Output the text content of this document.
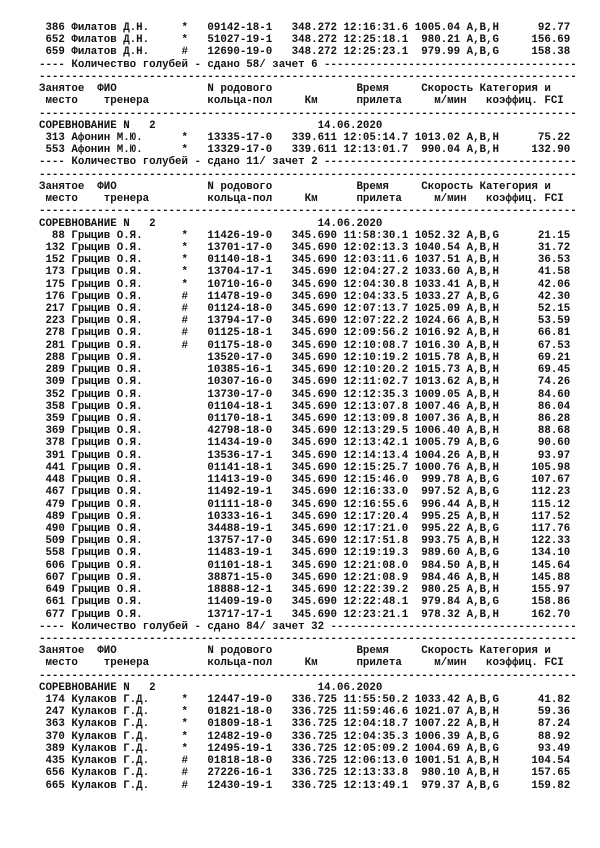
386 Филатов Д.Н.     *   09142-18-1   348.272 12:16:31.6 1005.04 A,B,H      92.77
652 Филатов Д.Н.     *   51027-19-1   348.272 12:25:18.1  980.21 A,B,G     156.69
659 Филатов Д.Н.     #   12690-19-0   348.272 12:25:23.1  979.99 A,B,G     158.38
---- Количество голубей - сдано 58/ зачет 6 ---------------------------------------
-----------------------------------------------------------------------------------
Занятое  ФИО              N родового             Время     Скорость Категория и
место    тренера         кольца-пол     Км      прилета     м/мин   коэффиц. FCI
-----------------------------------------------------------------------------------
СОРЕВНОВАНИЕ N   2                         14.06.2020
313 Афонин М.Ю.      *   13335-17-0   339.611 12:05:14.7 1013.02 A,B,H      75.22
553 Афонин М.Ю.      *   13329-17-0   339.611 12:13:01.7  990.04 A,B,H     132.90
---- Количество голубей - сдано 11/ зачет 2 ---------------------------------------
-----------------------------------------------------------------------------------
Занятое  ФИО              N родового             Время     Скорость Категория и
место    тренера         кольца-пол     Км      прилета     м/мин   коэффиц. FCI
-----------------------------------------------------------------------------------
СОРЕВНОВАНИЕ N   2                         14.06.2020
88 Грыцив О.Я.      *   11426-19-0   345.690 11:58:30.1 1052.32 A,B,G      21.15
132 Грыцив О.Я.      *   13701-17-0   345.690 12:02:13.3 1040.54 A,B,H      31.72
152 Грыцив О.Я.      *   01140-18-1   345.690 12:03:11.6 1037.51 A,B,H      36.53
173 Грыцив О.Я.      *   13704-17-1   345.690 12:04:27.2 1033.60 A,B,H      41.58
175 Грыцив О.Я.      *   10710-16-0   345.690 12:04:30.8 1033.41 A,B,H      42.06
176 Грыцив О.Я.      #   11478-19-0   345.690 12:04:33.5 1033.27 A,B,G      42.30
217 Грыцив О.Я.      #   01124-18-0   345.690 12:07:13.7 1025.09 A,B,H      52.15
223 Грыцив О.Я.      #   13794-17-0   345.690 12:07:22.2 1024.66 A,B,H      53.59
278 Грыцив О.Я.      #   01125-18-1   345.690 12:09:56.2 1016.92 A,B,H      66.81
281 Грыцив О.Я.      #   01175-18-0   345.690 12:10:08.7 1016.30 A,B,H      67.53
288 Грыцив О.Я.          13520-17-0   345.690 12:10:19.2 1015.78 A,B,H      69.21
289 Грыцив О.Я.          10385-16-1   345.690 12:10:20.2 1015.73 A,B,H      69.45
309 Грыцив О.Я.          10307-16-0   345.690 12:11:02.7 1013.62 A,B,H      74.26
352 Грыцив О.Я.          13730-17-0   345.690 12:12:35.3 1009.05 A,B,H      84.60
358 Грыцив О.Я.          01104-18-1   345.690 12:13:07.8 1007.46 A,B,H      86.04
359 Грыцив О.Я.          01170-18-1   345.690 12:13:09.8 1007.36 A,B,H      86.28
369 Грыцив О.Я.          42798-18-0   345.690 12:13:29.5 1006.40 A,B,H      88.68
378 Грыцив О.Я.          11434-19-0   345.690 12:13:42.1 1005.79 A,B,G      90.60
391 Грыцив О.Я.          13536-17-1   345.690 12:14:13.4 1004.26 A,B,H      93.97
441 Грыцив О.Я.          01141-18-1   345.690 12:15:25.7 1000.76 A,B,H     105.98
448 Грыцив О.Я.          11413-19-0   345.690 12:15:46.0  999.78 A,B,G     107.67
467 Грыцив О.Я.          11492-19-1   345.690 12:16:33.0  997.52 A,B,G     112.23
479 Грыцив О.Я.          01111-18-0   345.690 12:16:55.6  996.44 A,B,H     115.12
489 Грыцив О.Я.          10333-16-1   345.690 12:17:20.4  995.25 A,B,H     117.52
490 Грыцив О.Я.          34488-19-1   345.690 12:17:21.0  995.22 A,B,G     117.76
509 Грыцив О.Я.          13757-17-0   345.690 12:17:51.8  993.75 A,B,H     122.33
558 Грыцив О.Я.          11483-19-1   345.690 12:19:19.3  989.60 A,B,G     134.10
606 Грыцив О.Я.          01101-18-1   345.690 12:21:08.0  984.50 A,B,H     145.64
607 Грыцив О.Я.          38871-15-0   345.690 12:21:08.9  984.46 A,B,H     145.88
649 Грыцив О.Я.          18888-12-1   345.690 12:22:39.2  980.25 A,B,H     155.97
661 Грыцив О.Я.          11409-19-0   345.690 12:22:48.1  979.84 A,B,G     158.86
677 Грыцив О.Я.          13717-17-1   345.690 12:23:21.1  978.32 A,B,H     162.70
---- Количество голубей - сдано 84/ зачет 32 --------------------------------------
-----------------------------------------------------------------------------------
Занятое  ФИО              N родового             Время     Скорость Категория и
место    тренера         кольца-пол     Км      прилета     м/мин   коэффиц. FCI
-----------------------------------------------------------------------------------
СОРЕВНОВАНИЕ N   2                         14.06.2020
174 Кулаков Г.Д.     *   12447-19-0   336.725 11:55:50.2 1033.42 A,B,G      41.82
247 Кулаков Г.Д.     *   01821-18-0   336.725 11:59:46.6 1021.07 A,B,H      59.36
363 Кулаков Г.Д.     *   01809-18-1   336.725 12:04:18.7 1007.22 A,B,H      87.24
370 Кулаков Г.Д.     *   12482-19-0   336.725 12:04:35.3 1006.39 A,B,G      88.92
389 Кулаков Г.Д.     *   12495-19-1   336.725 12:05:09.2 1004.69 A,B,G      93.49
435 Кулаков Г.Д.     #   01818-18-0   336.725 12:06:13.0 1001.51 A,B,H     104.54
656 Кулаков Г.Д.     #   27226-16-1   336.725 12:13:33.8  980.10 A,B,H     157.65
665 Кулаков Г.Д.     #   12430-19-1   336.725 12:13:49.1  979.37 A,B,G     159.82
